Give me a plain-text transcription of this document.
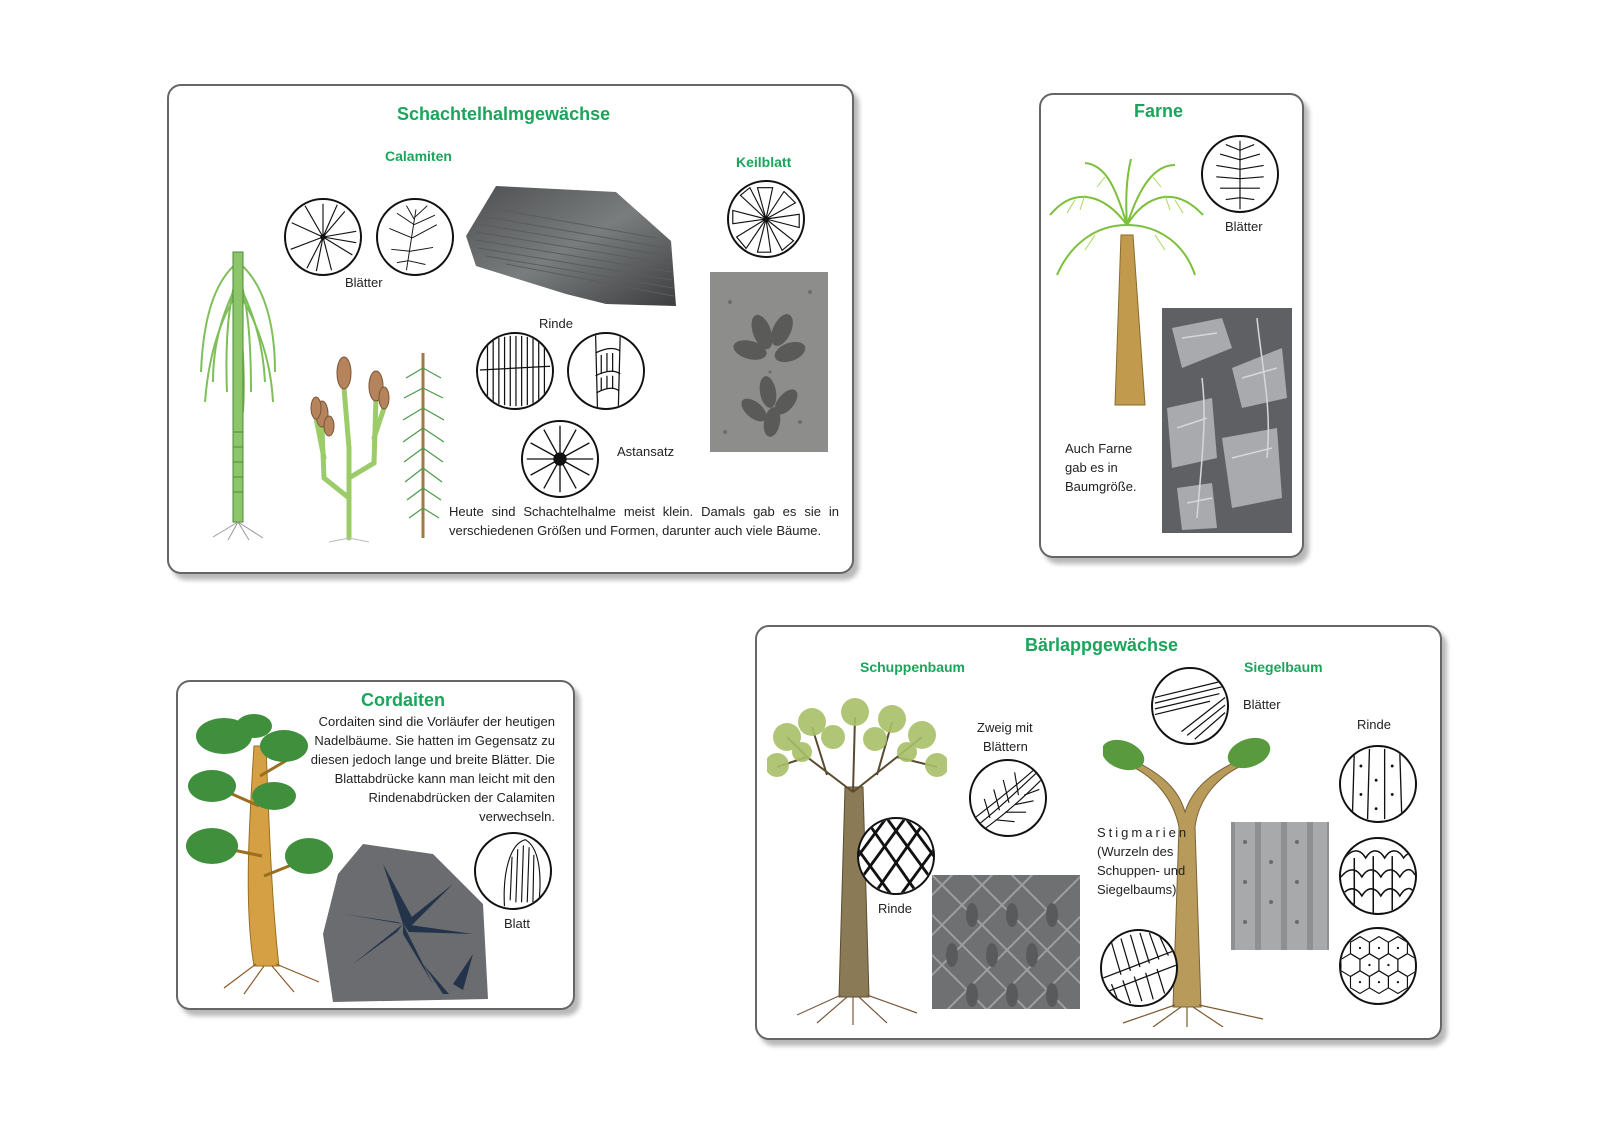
Schachtelhalmgewächse
Calamiten	Keilblatt
Blätter
Rinde
Astansatz
Heute sind Schachtelhalme meist klein. Damals gab es sie in verschiedenen Größen und Formen, darunter auch viele Bäume.
Farne
Blätter
Auch Farne
gab es in
Baumgröße.
Cordaiten
Cordaiten sind die Vorläufer der heutigen Nadelbäume. Sie hatten im Gegensatz zu diesen jedoch lange und breite Blätter. Die Blattabdrücke kann man leicht mit den Rindenabdrücken der Calamiten verwechseln.
Blatt
Bärlappgewächse
Schuppenbaum	Siegelbaum
Zweig mit
Blättern
Rinde
Blätter
Stigmarien
(Wurzeln des
Schuppen- und
Siegelbaums)
Rinde
